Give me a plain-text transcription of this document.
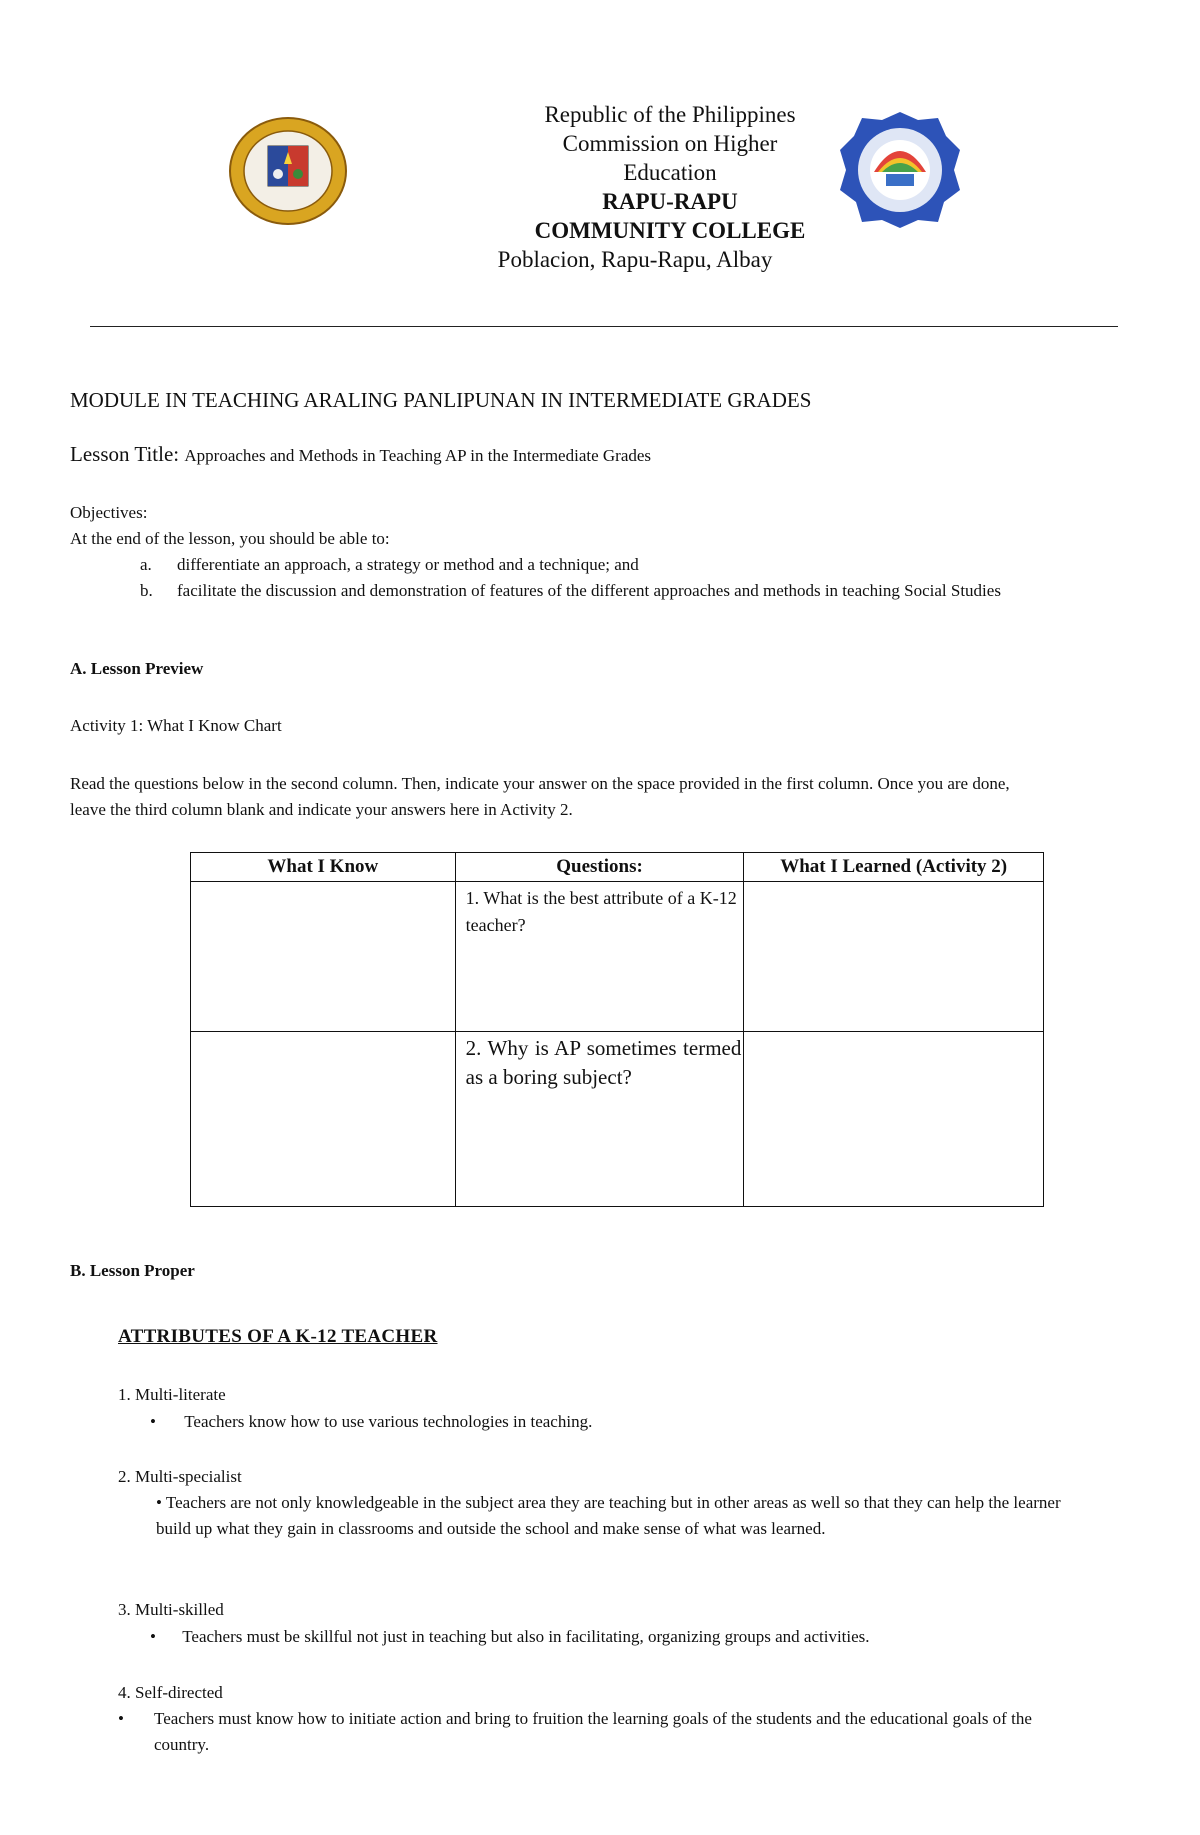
Republic of the Philippines
Commission on Higher
Education
RAPU-RAPU
COMMUNITY COLLEGE
Poblacion, Rapu-Rapu, Albay
MODULE IN TEACHING ARALING PANLIPUNAN IN INTERMEDIATE GRADES
Lesson Title: Approaches and Methods in Teaching AP in the Intermediate Grades
Objectives:
At the end of the lesson, you should be able to:
a.	differentiate an approach, a strategy or method and a technique; and
b.	facilitate the discussion and demonstration of features of the different approaches and methods in teaching Social Studies
A. Lesson Preview
Activity 1: What I Know Chart
Read the questions below in the second column. Then, indicate your answer on the space provided in the first column. Once you are done, leave the third column blank and indicate your answers here in Activity 2.
What I Know	Questions:	What I Learned (Activity 2)
	1. What is the best attribute of a K-12 teacher?	
	2. Why is AP sometimes termed as a boring subject?	
B. Lesson Proper
ATTRIBUTES OF A K-12 TEACHER
1. Multi-literate
• Teachers know how to use various technologies in teaching.
2. Multi-specialist
• Teachers are not only knowledgeable in the subject area they are teaching but in other areas as well so that they can help the learner build up what they gain in classrooms and outside the school and make sense of what was learned.
3. Multi-skilled
• Teachers must be skillful not just in teaching but also in facilitating, organizing groups and activities.
4. Self-directed
•	Teachers must know how to initiate action and bring to fruition the learning goals of the students and the educational goals of the country.
